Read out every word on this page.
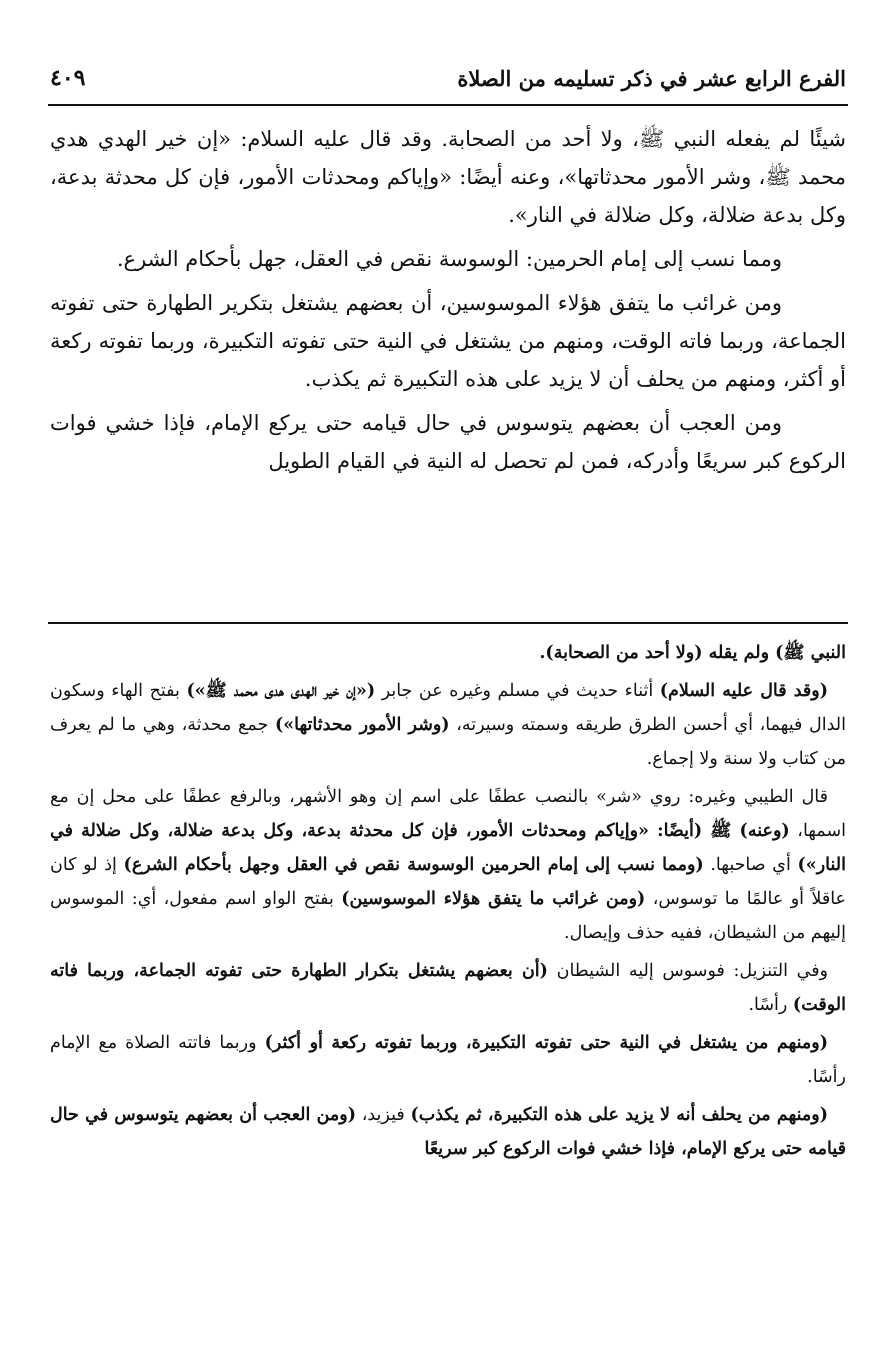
الفرع الرابع عشر في ذكر تسليمه من الصلاة
٤٠٩

شيئًا لم يفعله النبي ﷺ، ولا أحد من الصحابة. وقد قال عليه السلام: «إن خير الهدي هدي محمد ﷺ، وشر الأمور محدثاتها»، وعنه أيضًا: «وإياكم ومحدثات الأمور، فإن كل محدثة بدعة، وكل بدعة ضلالة، وكل ضلالة في النار».

ومما نسب إلى إمام الحرمين: الوسوسة نقص في العقل، جهل بأحكام الشرع.

ومن غرائب ما يتفق هؤلاء الموسوسين، أن بعضهم يشتغل بتكرير الطهارة حتى تفوته الجماعة، وربما فاته الوقت، ومنهم من يشتغل في النية حتى تفوته التكبيرة، وربما تفوته ركعة أو أكثر، ومنهم من يحلف أن لا يزيد على هذه التكبيرة ثم يكذب.

ومن العجب أن بعضهم يتوسوس في حال قيامه حتى يركع الإمام، فإذا خشي فوات الركوع كبر سريعًا وأدركه، فمن لم تحصل له النية في القيام الطويل

النبي ﷺ) ولم يقله (ولا أحد من الصحابة).

(وقد قال عليه السلام) أثناء حديث في مسلم وغيره عن جابر («إن خير الهدى هدى محمد ﷺ») بفتح الهاء وسكون الدال فيهما، أي أحسن الطرق طريقه وسمته وسيرته، (وشر الأمور محدثاتها») جمع محدثة، وهي ما لم يعرف من كتاب ولا سنة ولا إجماع.

قال الطيبي وغيره: روي «شر» بالنصب عطفًا على اسم إن وهو الأشهر، وبالرفع عطفًا على محل إن مع اسمها، (وعنه) ﷺ (أيضًا: «وإياكم ومحدثات الأمور، فإن كل محدثة بدعة، وكل بدعة ضلالة، وكل ضلالة في النار») أي صاحبها. (ومما نسب إلى إمام الحرمين الوسوسة نقص في العقل وجهل بأحكام الشرع) إذ لو كان عاقلاً أو عالمًا ما توسوس، (ومن غرائب ما يتفق هؤلاء الموسوسين) بفتح الواو اسم مفعول، أي: الموسوس إليهم من الشيطان، ففيه حذف وإيصال.

وفي التنزيل: فوسوس إليه الشيطان (أن بعضهم يشتغل بتكرار الطهارة حتى تفوته الجماعة، وربما فاته الوقت) رأسًا.

(ومنهم من يشتغل في النية حتى تفوته التكبيرة، وربما تفوته ركعة أو أكثر) وربما فاتته الصلاة مع الإمام رأسًا.

(ومنهم من يحلف أنه لا يزيد على هذه التكبيرة، ثم يكذب) فيزيد، (ومن العجب أن بعضهم يتوسوس في حال قيامه حتى يركع الإمام، فإذا خشي فوات الركوع كبر سريعًا
